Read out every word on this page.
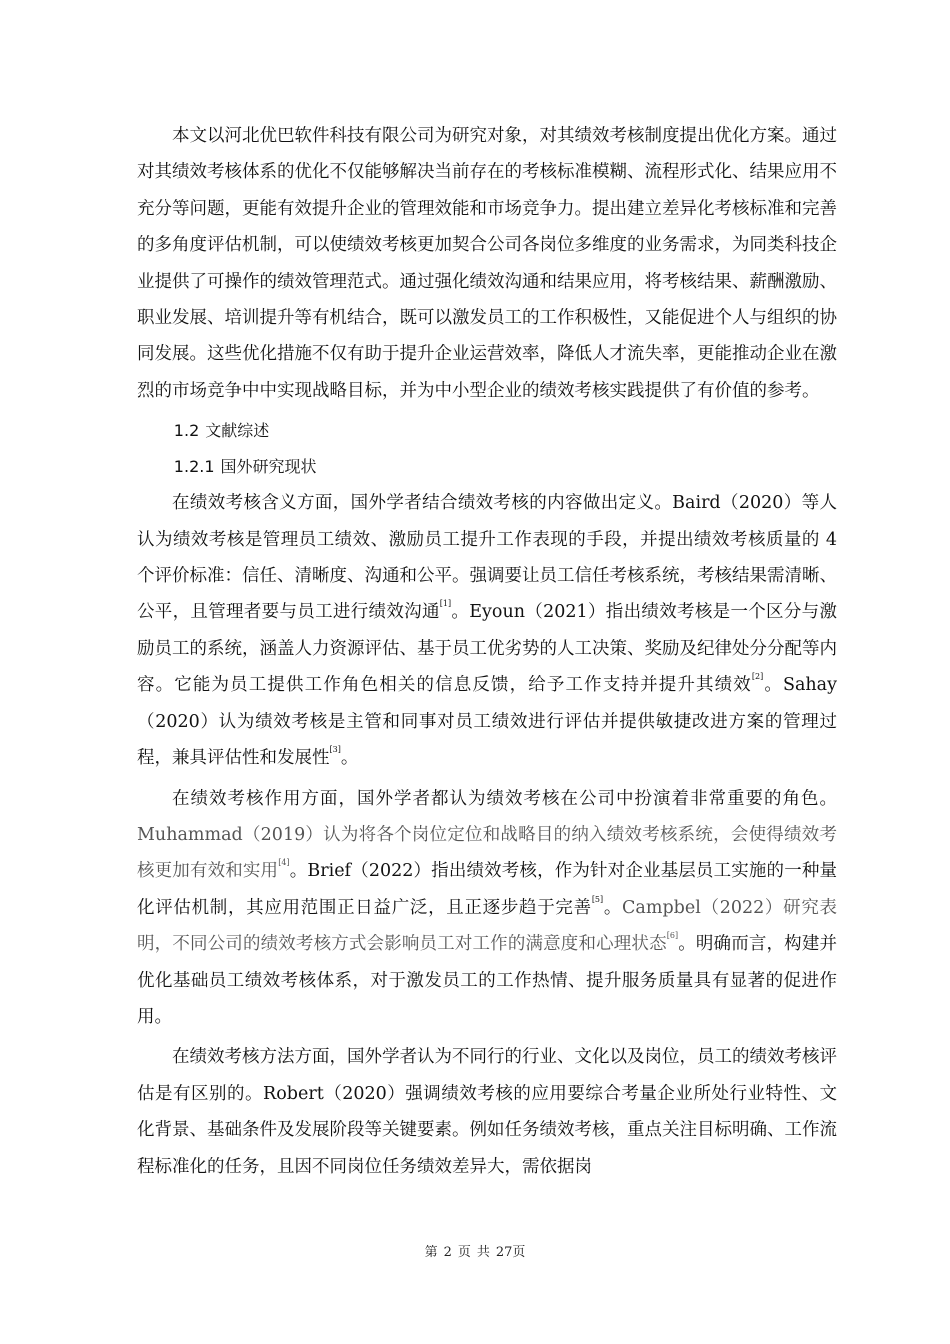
本文以河北优巴软件科技有限公司为研究对象，对其绩效考核制度提出优化方案。通过对其绩效考核体系的优化不仅能够解决当前存在的考核标准模糊、流程形式化、结果应用不充分等问题，更能有效提升企业的管理效能和市场竞争力。提出建立差异化考核标准和完善的多角度评估机制，可以使绩效考核更加契合公司各岗位多维度的业务需求，为同类科技企业提供了可操作的绩效管理范式。通过强化绩效沟通和结果应用，将考核结果、薪酬激励、职业发展、培训提升等有机结合，既可以激发员工的工作积极性，又能促进个人与组织的协同发展。这些优化措施不仅有助于提升企业运营效率，降低人才流失率，更能推动企业在激烈的市场竞争中中实现战略目标，并为中小型企业的绩效考核实践提供了有价值的参考。

1.2 文献综述
1.2.1 国外研究现状

在绩效考核含义方面，国外学者结合绩效考核的内容做出定义。Baird（2020）等人认为绩效考核是管理员工绩效、激励员工提升工作表现的手段，并提出绩效考核质量的 4 个评价标准：信任、清晰度、沟通和公平。强调要让员工信任考核系统，考核结果需清晰、公平，且管理者要与员工进行绩效沟通[1]。Eyoun（2021）指出绩效考核是一个区分与激励员工的系统，涵盖人力资源评估、基于员工优劣势的人工决策、奖励及纪律处分分配等内容。它能为员工提供工作角色相关的信息反馈，给予工作支持并提升其绩效[2]。Sahay（2020）认为绩效考核是主管和同事对员工绩效进行评估并提供敏捷改进方案的管理过程，兼具评估性和发展性[3]。

在绩效考核作用方面，国外学者都认为绩效考核在公司中扮演着非常重要的角色。Muhammad（2019）认为将各个岗位定位和战略目的纳入绩效考核系统，会使得绩效考核更加有效和实用[4]。Brief（2022）指出绩效考核，作为针对企业基层员工实施的一种量化评估机制，其应用范围正日益广泛，且正逐步趋于完善[5]。Campbel（2022）研究表明，不同公司的绩效考核方式会影响员工对工作的满意度和心理状态[6]。明确而言，构建并优化基础员工绩效考核体系，对于激发员工的工作热情、提升服务质量具有显著的促进作用。

在绩效考核方法方面，国外学者认为不同行的行业、文化以及岗位，员工的绩效考核评估是有区别的。Robert（2020）强调绩效考核的应用要综合考量企业所处行业特性、文化背景、基础条件及发展阶段等关键要素。例如任务绩效考核，重点关注目标明确、工作流程标准化的任务，且因不同岗位任务绩效差异大，需依据岗

第 2 页 共 27页
